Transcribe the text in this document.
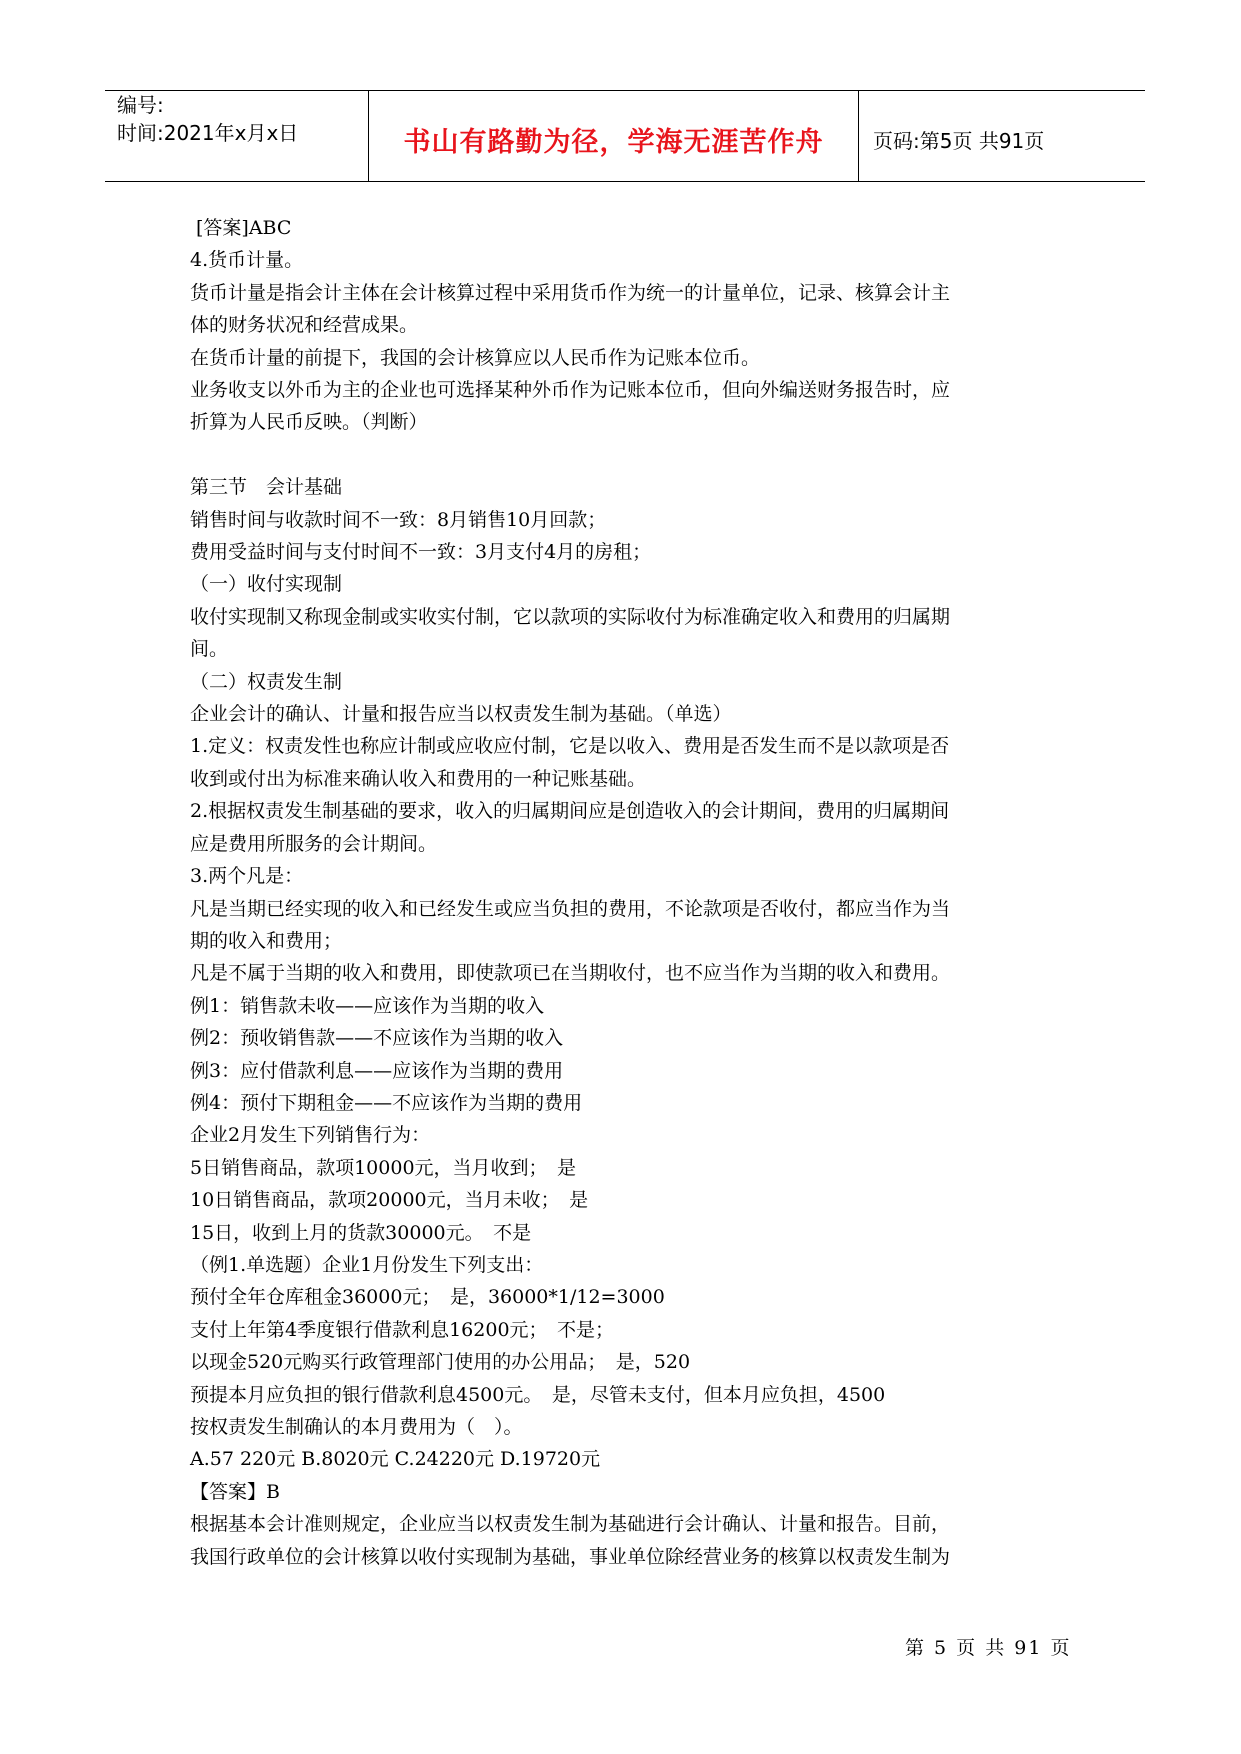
编号:
时间:2021年x月x日	书山有路勤为径，学海无涯苦作舟	页码:第5页 共91页

[答案]ABC

4.货币计量。

货币计量是指会计主体在会计核算过程中采用货币作为统一的计量单位，记录、核算会计主

体的财务状况和经营成果。

在货币计量的前提下，我国的会计核算应以人民币作为记账本位币。

业务收支以外币为主的企业也可选择某种外币作为记账本位币，但向外编送财务报告时，应

折算为人民币反映。（判断）

第三节　会计基础

销售时间与收款时间不一致：8月销售10月回款；

费用受益时间与支付时间不一致：3月支付4月的房租；

（一）收付实现制

收付实现制又称现金制或实收实付制，它以款项的实际收付为标准确定收入和费用的归属期

间。

（二）权责发生制

企业会计的确认、计量和报告应当以权责发生制为基础。（单选）

1.定义：权责发性也称应计制或应收应付制，它是以收入、费用是否发生而不是以款项是否

收到或付出为标准来确认收入和费用的一种记账基础。

2.根据权责发生制基础的要求，收入的归属期间应是创造收入的会计期间，费用的归属期间

应是费用所服务的会计期间。

3.两个凡是：

凡是当期已经实现的收入和已经发生或应当负担的费用，不论款项是否收付，都应当作为当

期的收入和费用；

凡是不属于当期的收入和费用，即使款项已在当期收付，也不应当作为当期的收入和费用。

例1：销售款未收——应该作为当期的收入

例2：预收销售款——不应该作为当期的收入

例3：应付借款利息——应该作为当期的费用

例4：预付下期租金——不应该作为当期的费用

企业2月发生下列销售行为：

5日销售商品，款项10000元，当月收到；　是

10日销售商品，款项20000元，当月未收；　是

15日，收到上月的货款30000元。　不是

（例1.单选题）企业1月份发生下列支出：

预付全年仓库租金36000元；　是，36000*1/12=3000

支付上年第4季度银行借款利息16200元；　不是；

以现金520元购买行政管理部门使用的办公用品；　是，520

预提本月应负担的银行借款利息4500元。　是，尽管未支付，但本月应负担，4500

按权责发生制确认的本月费用为（　）。

A.57 220元 B.8020元 C.24220元 D.19720元

【答案】B

根据基本会计准则规定，企业应当以权责发生制为基础进行会计确认、计量和报告。目前，

我国行政单位的会计核算以收付实现制为基础，事业单位除经营业务的核算以权责发生制为

第 5 页 共 91 页
